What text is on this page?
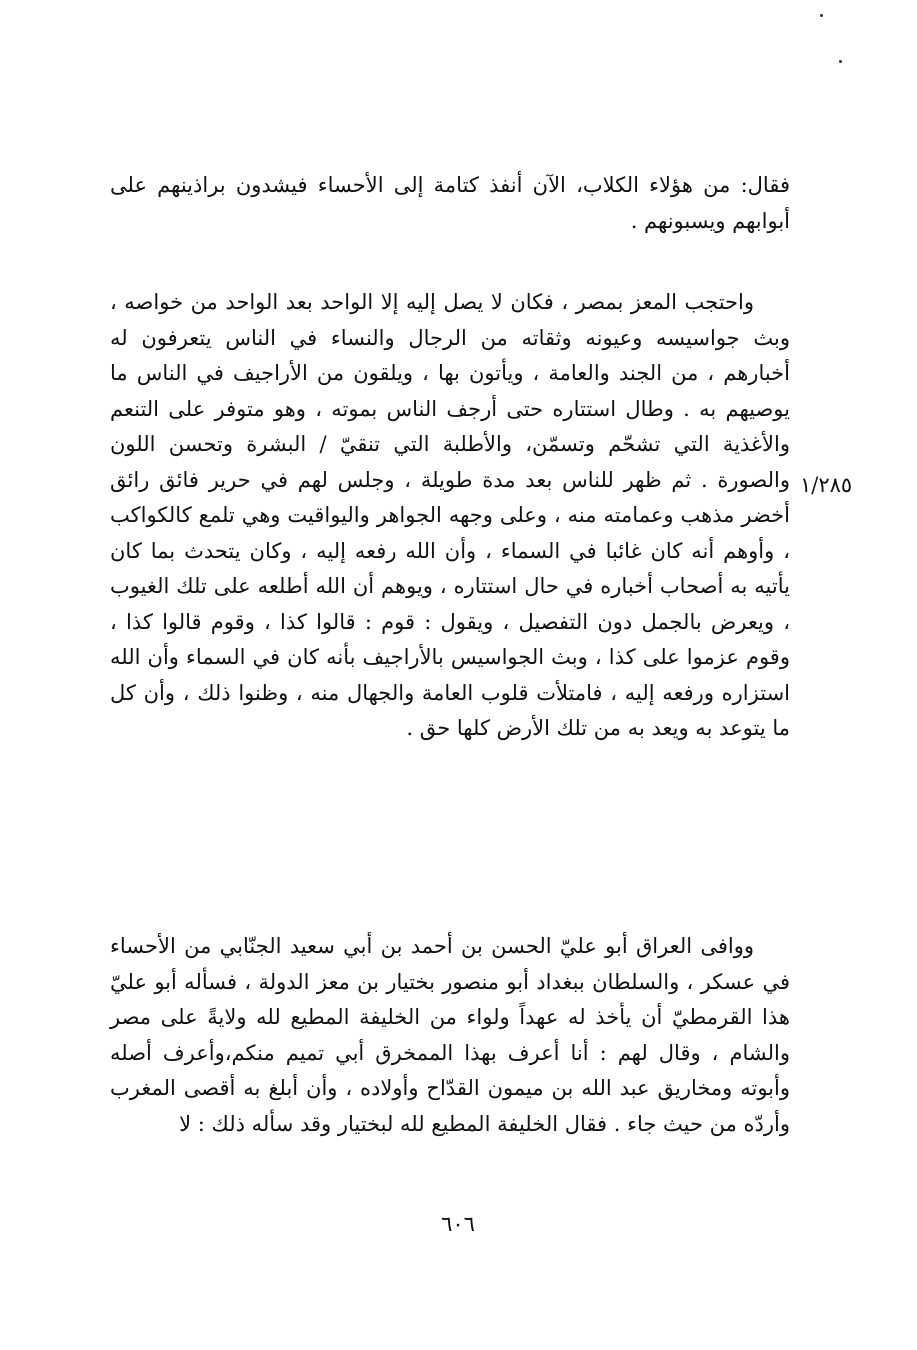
فقال: من هؤلاء الكلاب، الآن أنفذ كتامة إلى الأحساء فيشدون براذينهم على أبوابهم ويسبونهم .

واحتجب المعز بمصر ، فكان لا يصل إليه إلا الواحد بعد الواحد من خواصه ، وبث جواسيسه وعيونه وثقاته من الرجال والنساء في الناس يتعرفون له أخبارهم ، من الجند والعامة ، ويأتون بها ، ويلقون من الأراجيف في الناس ما يوصيهم به . وطال استتاره حتى أرجف الناس بموته ، وهو متوفر على التنعم والأغذية التي تشحّم وتسمّن، والأطلبة التي تنقيّ / البشرة وتحسن اللون والصورة . ثم ظهر للناس بعد مدة طويلة ، وجلس لهم في حرير فائق رائق أخضر مذهب وعمامته منه ، وعلى وجهه الجواهر واليواقيت وهي تلمع كالكواكب ، وأوهم أنه كان غائبا في السماء ، وأن الله رفعه إليه ، وكان يتحدث بما كان يأتيه به أصحاب أخباره في حال استتاره ، ويوهم أن الله أطلعه على تلك الغيوب ، ويعرض بالجمل دون التفصيل ، ويقول : قوم : قالوا كذا ، وقوم قالوا كذا ، وقوم عزموا على كذا ، وبث الجواسيس بالأراجيف بأنه كان في السماء وأن الله استزاره ورفعه إليه ، فامتلأت قلوب العامة والجهال منه ، وظنوا ذلك ، وأن كل ما يتوعد به ويعد به من تلك الأرض كلها حق .

١/٢٨٥

ووافى العراق أبو عليّ الحسن بن أحمد بن أبي سعيد الجنّابي من الأحساء في عسكر ، والسلطان ببغداد أبو منصور بختيار بن معز الدولة ، فسأله أبو عليّ هذا القرمطيّ أن يأخذ له عهداً ولواء من الخليفة المطيع لله ولايةً على مصر والشام ، وقال لهم : أنا أعرف بهذا الممخرق أبي تميم منكم،وأعرف أصله وأبوته ومخاريق عبد الله بن ميمون القدّاح وأولاده ، وأن أبلغ به أقصى المغرب وأردّه من حيث جاء . فقال الخليفة المطيع لله لبختيار وقد سأله ذلك : لا

٦٠٦
